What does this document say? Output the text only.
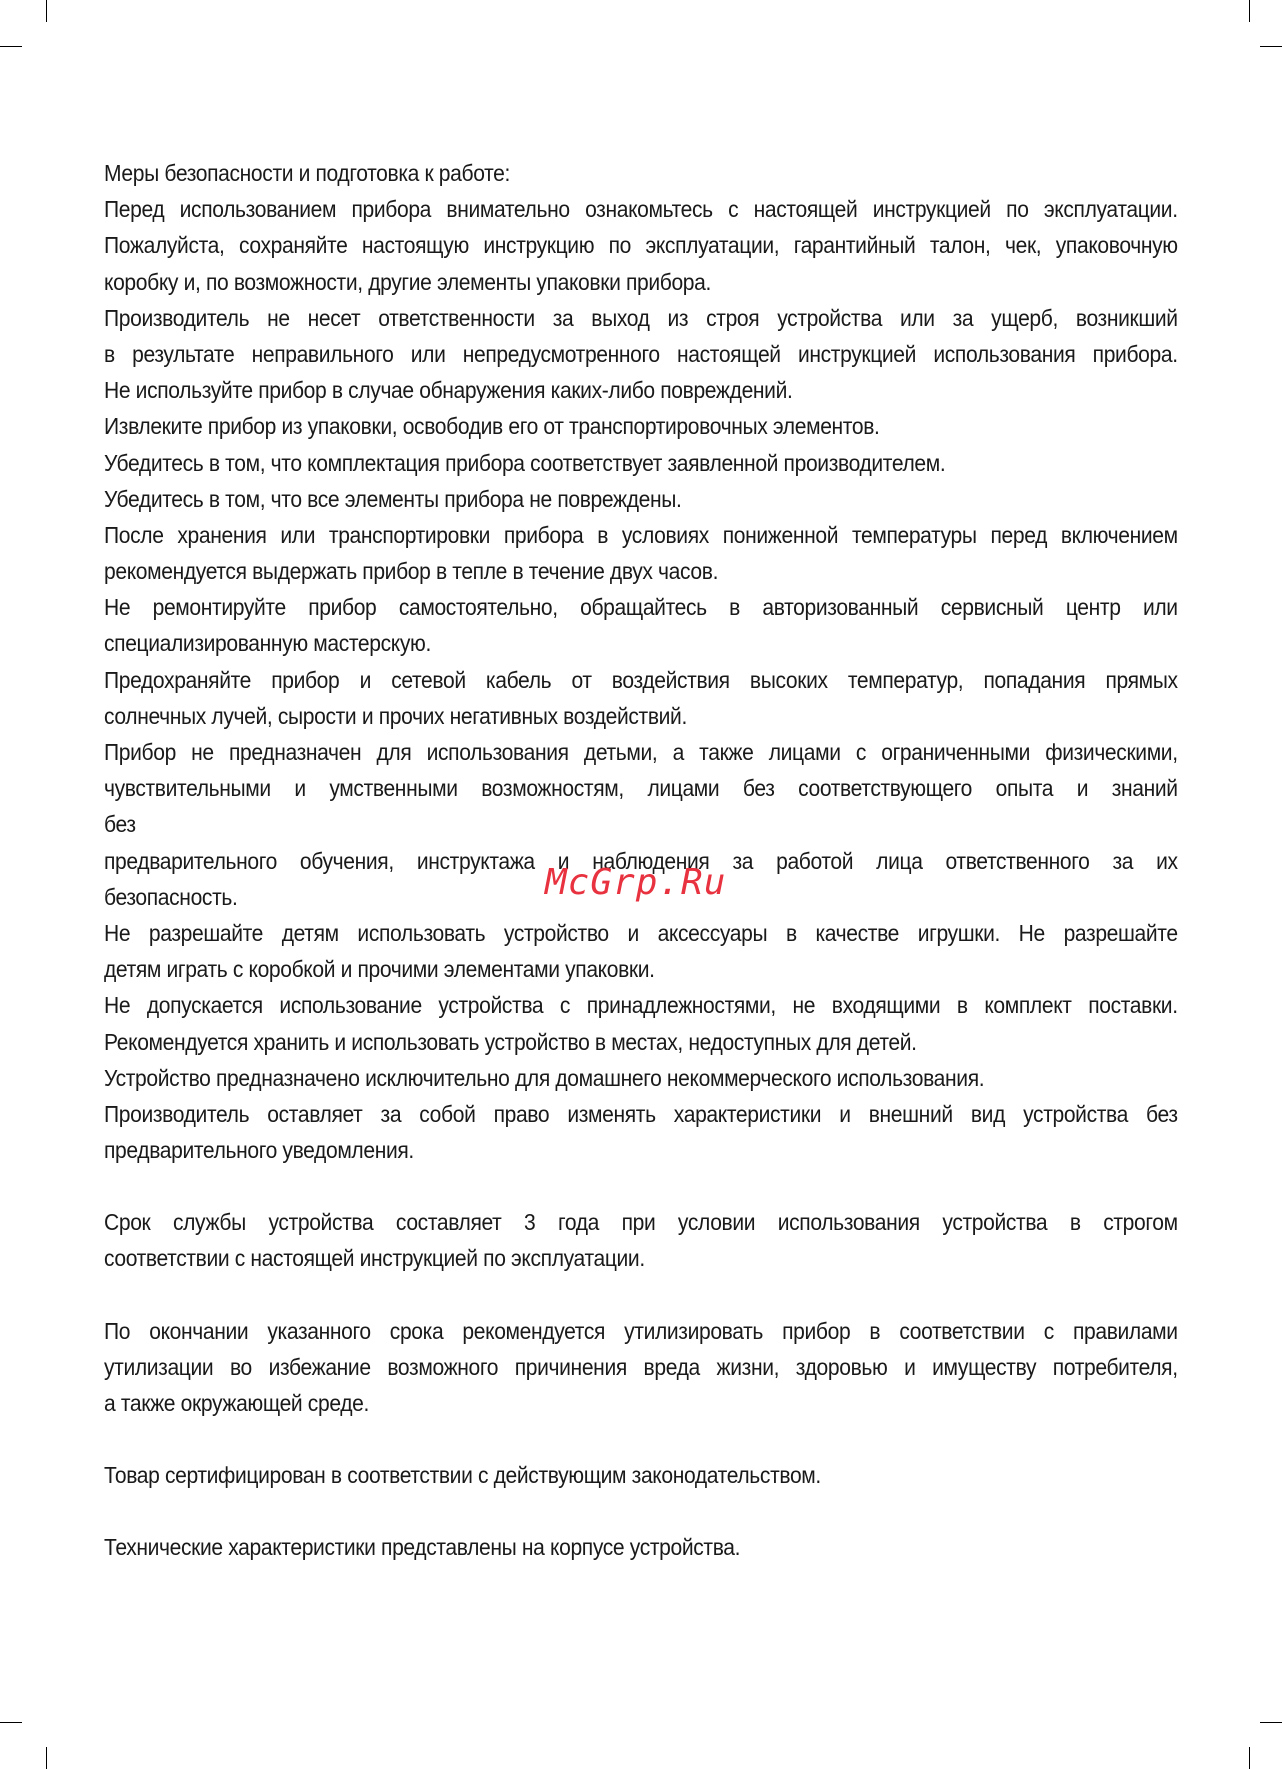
Меры безопасности и подготовка к работе:
Перед использованием прибора внимательно ознакомьтесь с настоящей инструкцией по эксплуатации.
Пожалуйста, сохраняйте настоящую инструкцию по эксплуатации, гарантийный талон, чек, упаковочную
коробку и, по возможности, другие элементы упаковки прибора.
Производитель не несет ответственности за выход из строя устройства или за ущерб, возникший
в результате неправильного или непредусмотренного настоящей инструкцией использования прибора.
Не используйте прибор в случае обнаружения каких-либо повреждений.
Извлеките прибор из упаковки, освободив его от транспортировочных элементов.
Убедитесь в том, что комплектация прибора соответствует заявленной производителем.
Убедитесь в том, что все элементы прибора не повреждены.
После хранения или транспортировки прибора в условиях пониженной температуры перед включением
рекомендуется выдержать прибор в тепле в течение двух часов.
Не ремонтируйте прибор самостоятельно, обращайтесь в авторизованный сервисный центр или
специализированную мастерскую.
Предохраняйте прибор и сетевой кабель от воздействия высоких температур, попадания прямых
солнечных лучей, сырости и прочих негативных воздействий.
Прибор не предназначен для использования детьми, а также лицами с ограниченными физическими,
чувствительными и умственными возможностям, лицами без соответствующего опыта и знаний
без
предварительного обучения, инструктажа и наблюдения за работой лица ответственного за их
безопасность.
Не разрешайте детям использовать устройство и аксессуары в качестве игрушки. Не разрешайте
детям играть с коробкой и прочими элементами упаковки.
Не допускается использование устройства с принадлежностями, не входящими в комплект поставки.
Рекомендуется хранить и использовать устройство в местах, недоступных для детей.
Устройство предназначено исключительно для домашнего некоммерческого использования.
Производитель оставляет за собой право изменять характеристики и внешний вид устройства без
предварительного уведомления.
Срок службы устройства составляет 3 года при условии использования устройства в строгом
соответствии с настоящей инструкцией по эксплуатации.
По окончании указанного срока рекомендуется утилизировать прибор в соответствии с правилами
утилизации во избежание возможного причинения вреда жизни, здоровью и имуществу потребителя,
а также окружающей среде.
Товар сертифицирован в соответствии с действующим законодательством.
Технические характеристики представлены на корпусе устройства.
McGrp.Ru
